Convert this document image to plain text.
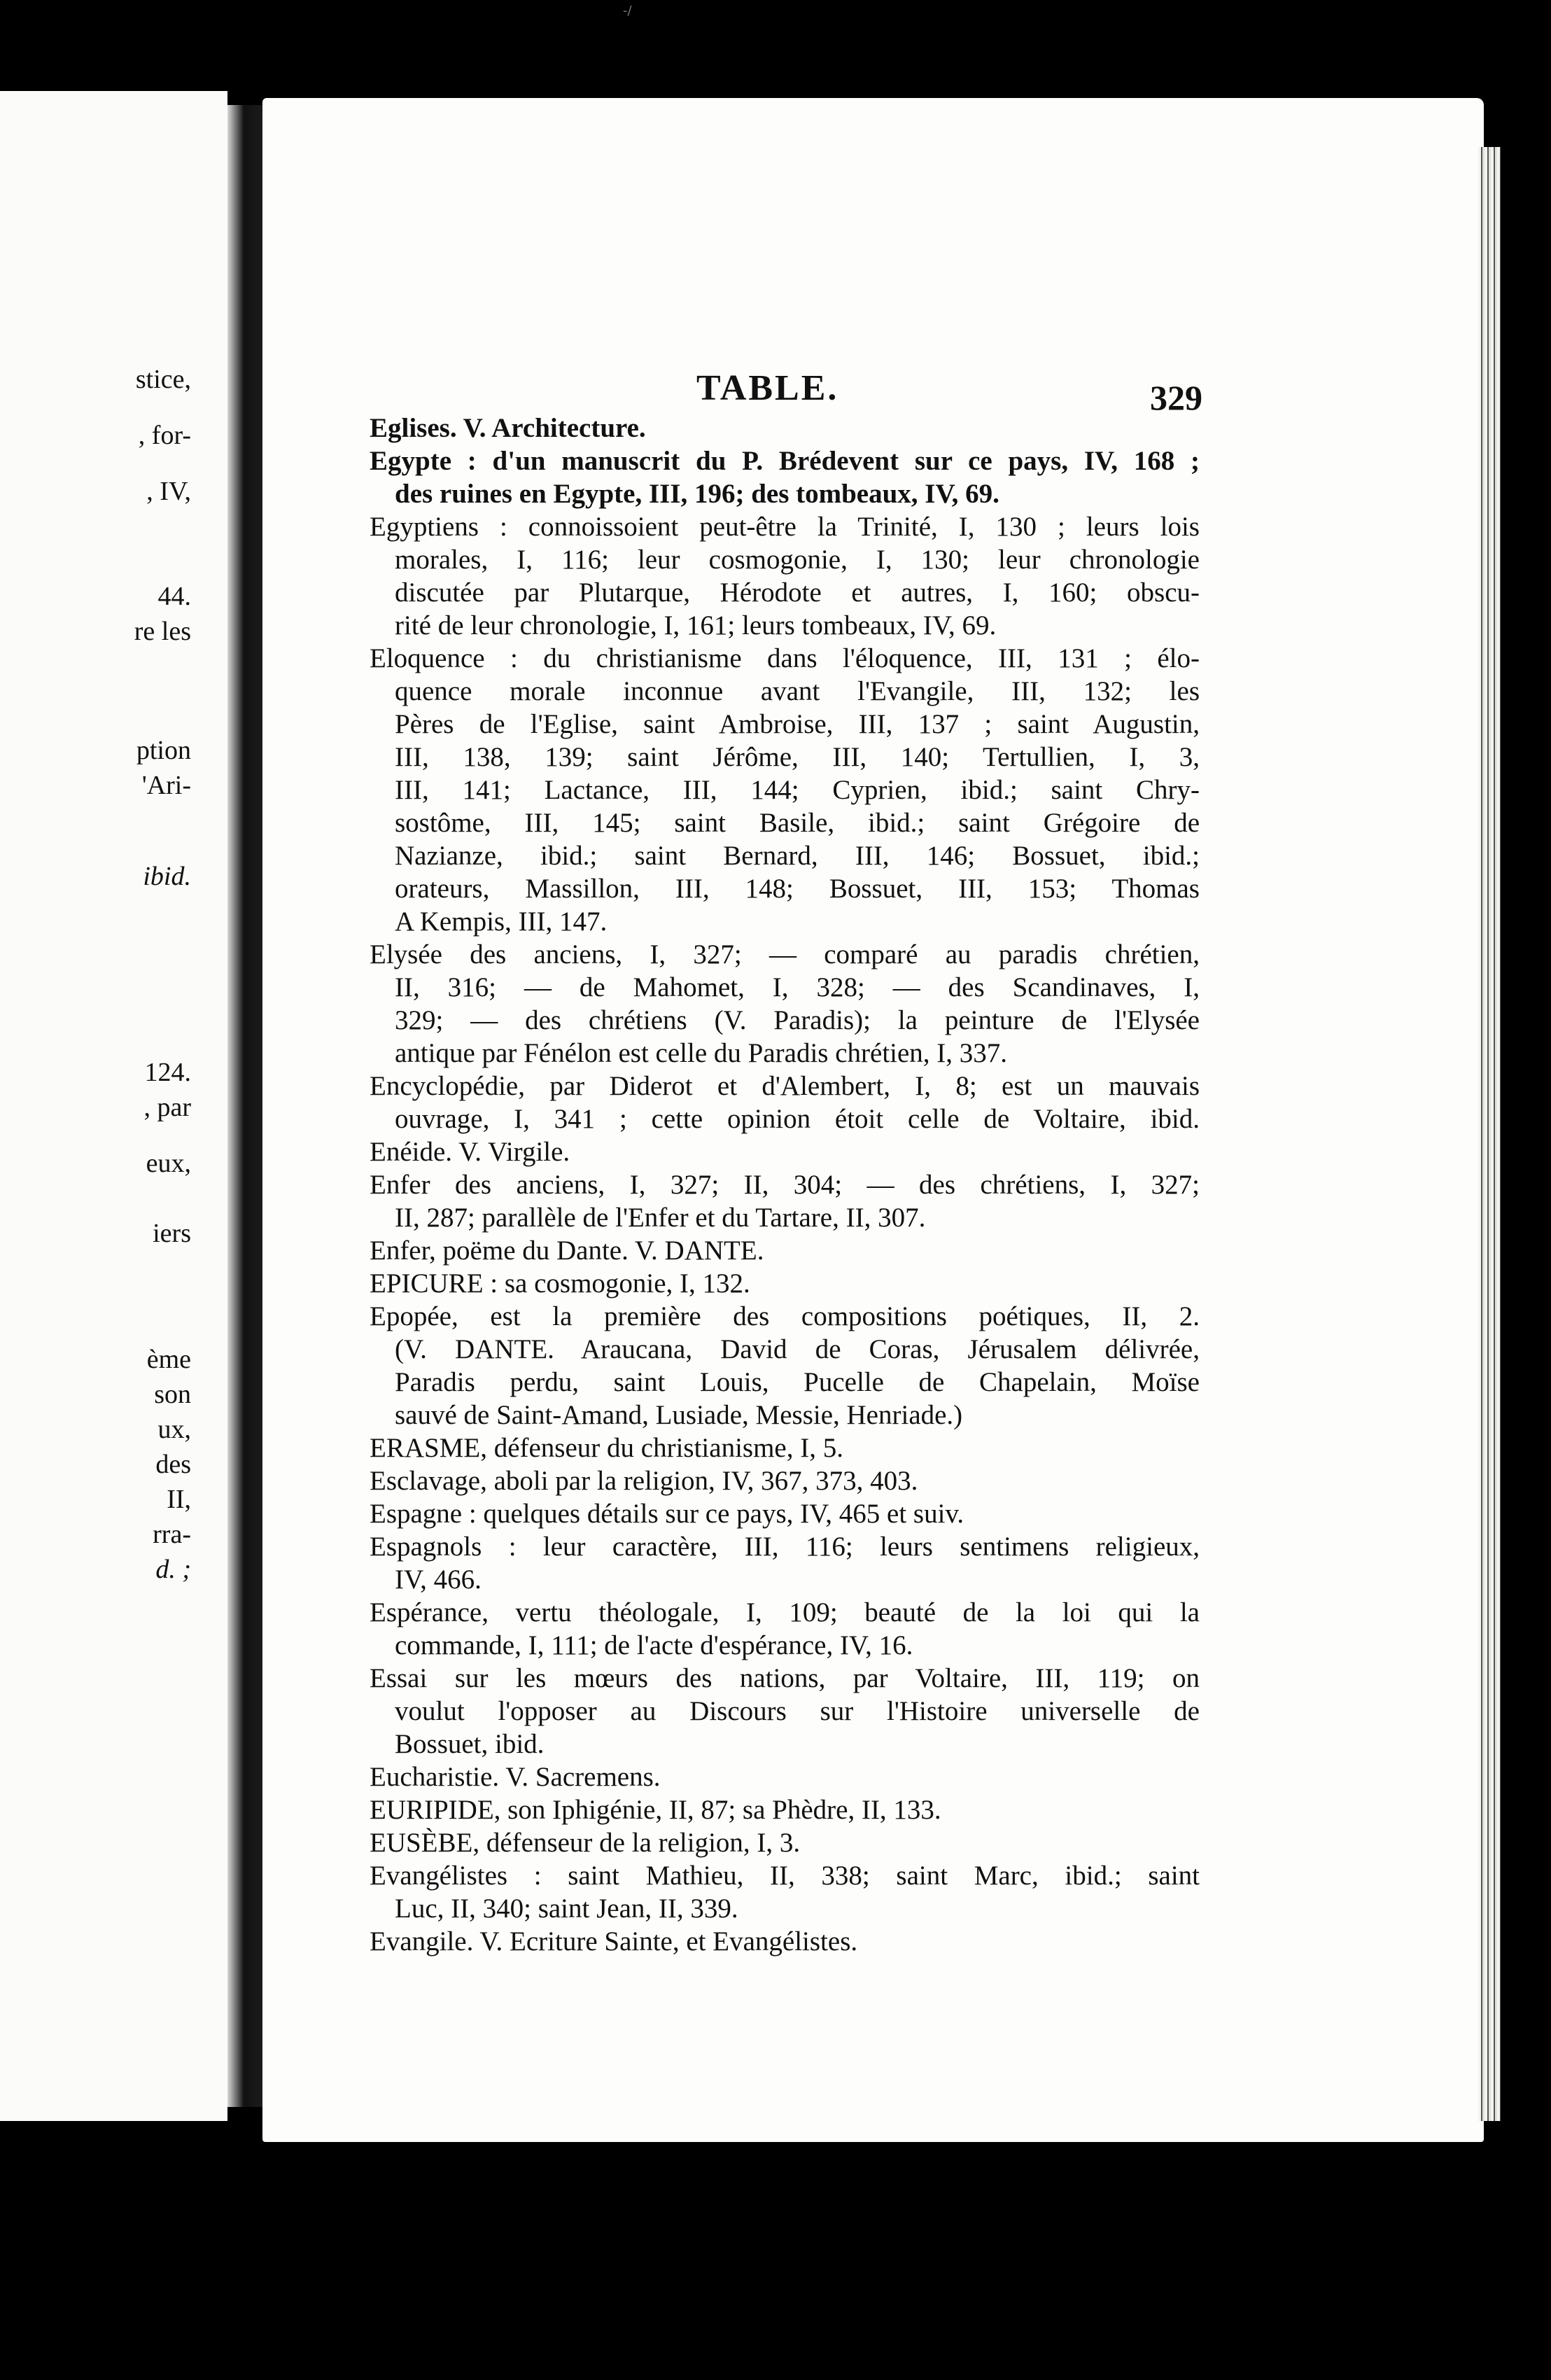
-/
stice,
, for-
, IV,
44.
re les
ption
'Ari-
ibid.
124.
, par
eux,
iers
ème
son
ux,
des
II,
rra-
d. ;
TABLE.	329
Eglises. V. Architecture.
Egypte : d'un manuscrit du P. Brédevent sur ce pays, IV, 168 ;
des ruines en Egypte, III, 196; des tombeaux, IV, 69.
Egyptiens : connoissoient peut-être la Trinité, I, 130 ; leurs lois
morales, I, 116; leur cosmogonie, I, 130; leur chronologie
discutée par Plutarque, Hérodote et autres, I, 160; obscu-
rité de leur chronologie, I, 161; leurs tombeaux, IV, 69.
Eloquence : du christianisme dans l'éloquence, III, 131 ; élo-
quence morale inconnue avant l'Evangile, III, 132; les
Pères de l'Eglise, saint Ambroise, III, 137 ; saint Augustin,
III, 138, 139; saint Jérôme, III, 140; Tertullien, I, 3,
III, 141; Lactance, III, 144; Cyprien, ibid.; saint Chry-
sostôme, III, 145; saint Basile, ibid.; saint Grégoire de
Nazianze, ibid.; saint Bernard, III, 146; Bossuet, ibid.;
orateurs, Massillon, III, 148; Bossuet, III, 153; Thomas
A Kempis, III, 147.
Elysée des anciens, I, 327; — comparé au paradis chrétien,
II, 316; — de Mahomet, I, 328; — des Scandinaves, I,
329; — des chrétiens (V. Paradis); la peinture de l'Elysée
antique par Fénélon est celle du Paradis chrétien, I, 337.
Encyclopédie, par Diderot et d'Alembert, I, 8; est un mauvais
ouvrage, I, 341 ; cette opinion étoit celle de Voltaire, ibid.
Enéide. V. Virgile.
Enfer des anciens, I, 327; II, 304; — des chrétiens, I, 327;
II, 287; parallèle de l'Enfer et du Tartare, II, 307.
Enfer, poëme du Dante. V. DANTE.
EPICURE : sa cosmogonie, I, 132.
Epopée, est la première des compositions poétiques, II, 2.
(V. DANTE. Araucana, David de Coras, Jérusalem délivrée,
Paradis perdu, saint Louis, Pucelle de Chapelain, Moïse
sauvé de Saint-Amand, Lusiade, Messie, Henriade.)
ERASME, défenseur du christianisme, I, 5.
Esclavage, aboli par la religion, IV, 367, 373, 403.
Espagne : quelques détails sur ce pays, IV, 465 et suiv.
Espagnols : leur caractère, III, 116; leurs sentimens religieux,
IV, 466.
Espérance, vertu théologale, I, 109; beauté de la loi qui la
commande, I, 111; de l'acte d'espérance, IV, 16.
Essai sur les mœurs des nations, par Voltaire, III, 119; on
voulut l'opposer au Discours sur l'Histoire universelle de
Bossuet, ibid.
Eucharistie. V. Sacremens.
EURIPIDE, son Iphigénie, II, 87; sa Phèdre, II, 133.
EUSÈBE, défenseur de la religion, I, 3.
Evangélistes : saint Mathieu, II, 338; saint Marc, ibid.; saint
Luc, II, 340; saint Jean, II, 339.
Evangile. V. Ecriture Sainte, et Evangélistes.
